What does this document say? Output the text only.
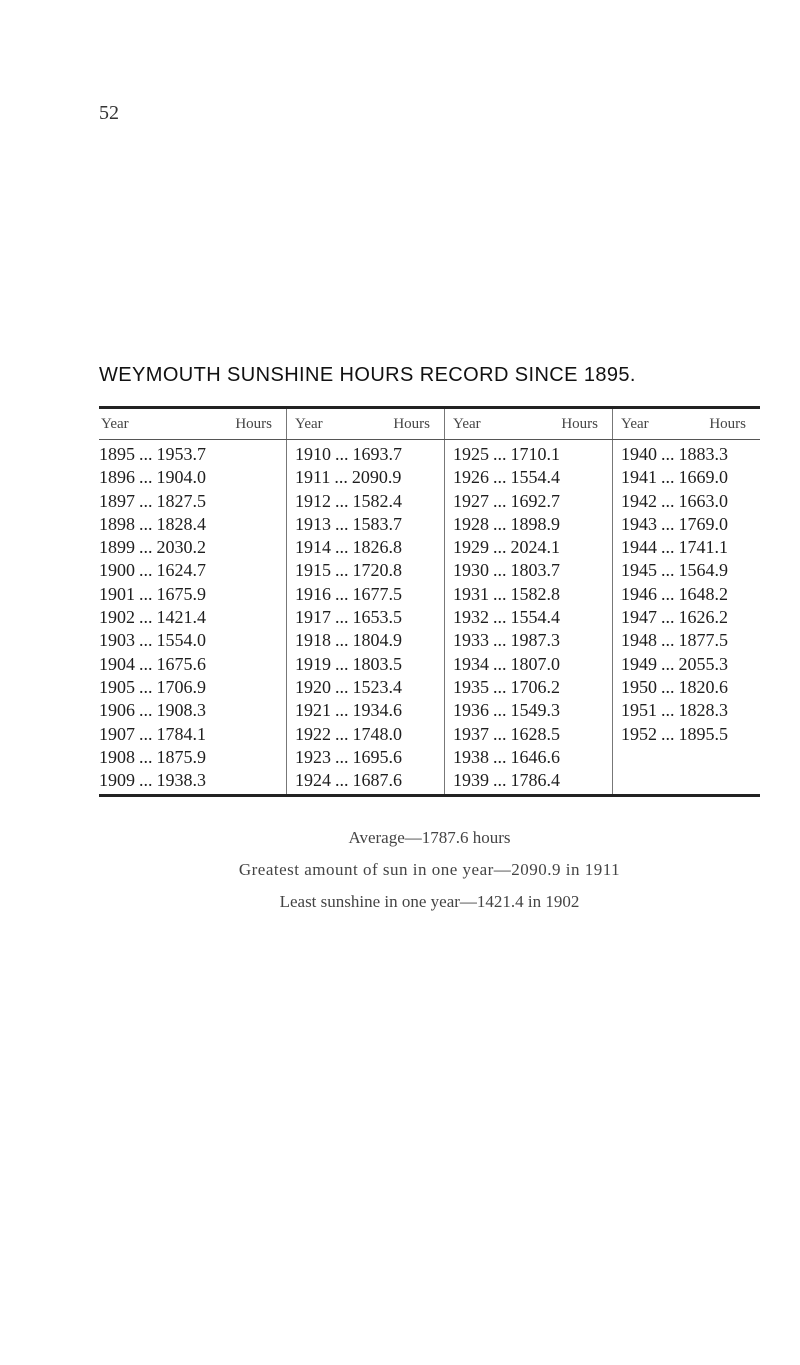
52
WEYMOUTH SUNSHINE HOURS RECORD SINCE 1895.
Year	Hours Year	Hours Year	Hours Year	Hours
1895 ... 1953.7
1896 ... 1904.0
1897 ... 1827.5
1898 ... 1828.4
1899 ... 2030.2
1900 ... 1624.7
1901 ... 1675.9
1902 ... 1421.4
1903 ... 1554.0
1904 ... 1675.6
1905 ... 1706.9
1906 ... 1908.3
1907 ... 1784.1
1908 ... 1875.9
1909 ... 1938.3
1910 ... 1693.7
1911 ... 2090.9
1912 ... 1582.4
1913 ... 1583.7
1914 ... 1826.8
1915 ... 1720.8
1916 ... 1677.5
1917 ... 1653.5
1918 ... 1804.9
1919 ... 1803.5
1920 ... 1523.4
1921 ... 1934.6
1922 ... 1748.0
1923 ... 1695.6
1924 ... 1687.6
1925 ... 1710.1
1926 ... 1554.4
1927 ... 1692.7
1928 ... 1898.9
1929 ... 2024.1
1930 ... 1803.7
1931 ... 1582.8
1932 ... 1554.4
1933 ... 1987.3
1934 ... 1807.0
1935 ... 1706.2
1936 ... 1549.3
1937 ... 1628.5
1938 ... 1646.6
1939 ... 1786.4
1940 ... 1883.3
1941 ... 1669.0
1942 ... 1663.0
1943 ... 1769.0
1944 ... 1741.1
1945 ... 1564.9
1946 ... 1648.2
1947 ... 1626.2
1948 ... 1877.5
1949 ... 2055.3
1950 ... 1820.6
1951 ... 1828.3
1952 ... 1895.5
Average—1787.6 hours
Greatest amount of sun in one year—2090.9 in 1911
Least sunshine in one year—1421.4 in 1902
